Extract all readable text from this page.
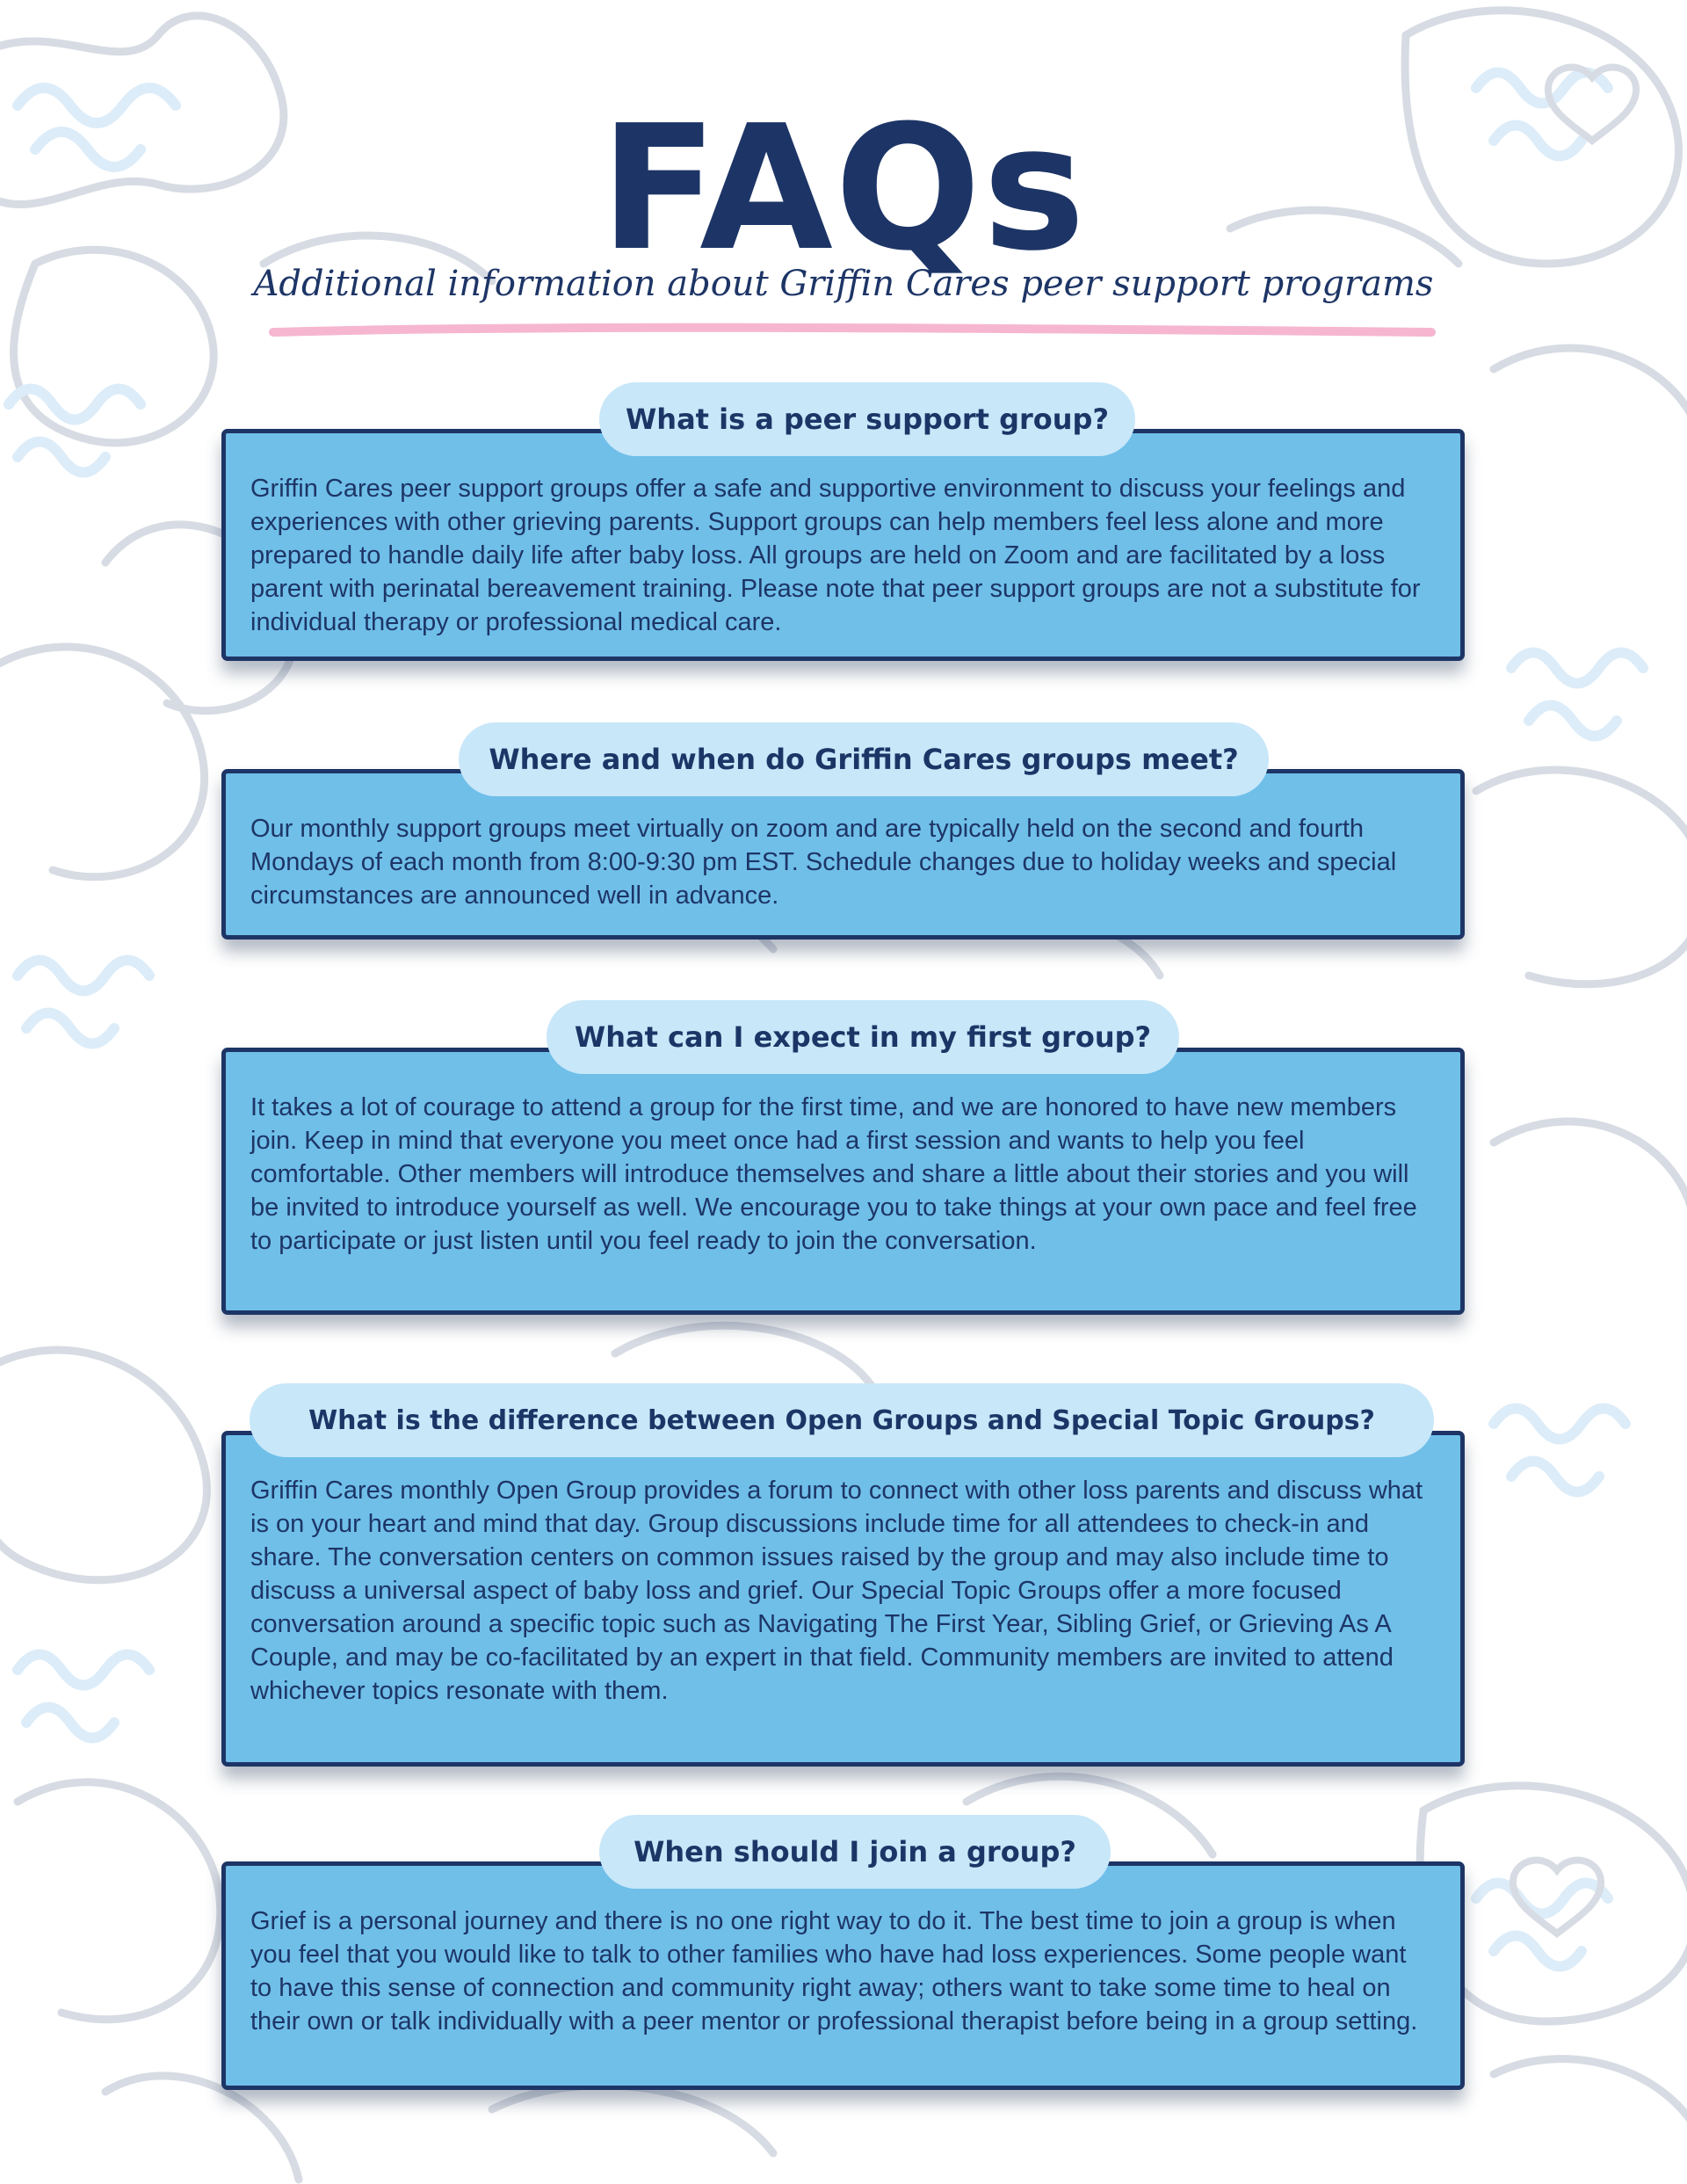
FAQs
Additional information about Griffin Cares peer support programs

Griffin Cares peer support groups offer a safe and supportive environment to discuss your feelings and experiences with other grieving parents. Support groups can help members feel less alone and more prepared to handle daily life after baby loss. All groups are held on Zoom and are facilitated by a loss parent with perinatal bereavement training. Please note that peer support groups are not a substitute for individual therapy or professional medical care.

What is a peer support group?

Our monthly support groups meet virtually on zoom and are typically held on the second and fourth Mondays of each month from 8:00-9:30 pm EST. Schedule changes due to holiday weeks and special circumstances are announced well in advance.

Where and when do Griffin Cares groups meet?

It takes a lot of courage to attend a group for the first time, and we are honored to have new members join. Keep in mind that everyone you meet once had a first session and wants to help you feel comfortable. Other members will introduce themselves and share a little about their stories and you will be invited to introduce yourself as well. We encourage you to take things at your own pace and feel free to participate or just listen until you feel ready to join the conversation.

What can I expect in my first group?

Griffin Cares monthly Open Group provides a forum to connect with other loss parents and discuss what is on your heart and mind that day. Group discussions include time for all attendees to check-in and share. The conversation centers on common issues raised by the group and may also include time to discuss a universal aspect of baby loss and grief. Our Special Topic Groups offer a more focused conversation around a specific topic such as Navigating The First Year, Sibling Grief, or Grieving As A Couple, and may be co-facilitated by an expert in that field. Community members are invited to attend whichever topics resonate with them.

What is the difference between Open Groups and Special Topic Groups?

Grief is a personal journey and there is no one right way to do it. The best time to join a group is when you feel that you would like to talk to other families who have had loss experiences. Some people want to have this sense of connection and community right away; others want to take some time to heal on their own or talk individually with a peer mentor or professional therapist before being in a group setting.

When should I join a group?
